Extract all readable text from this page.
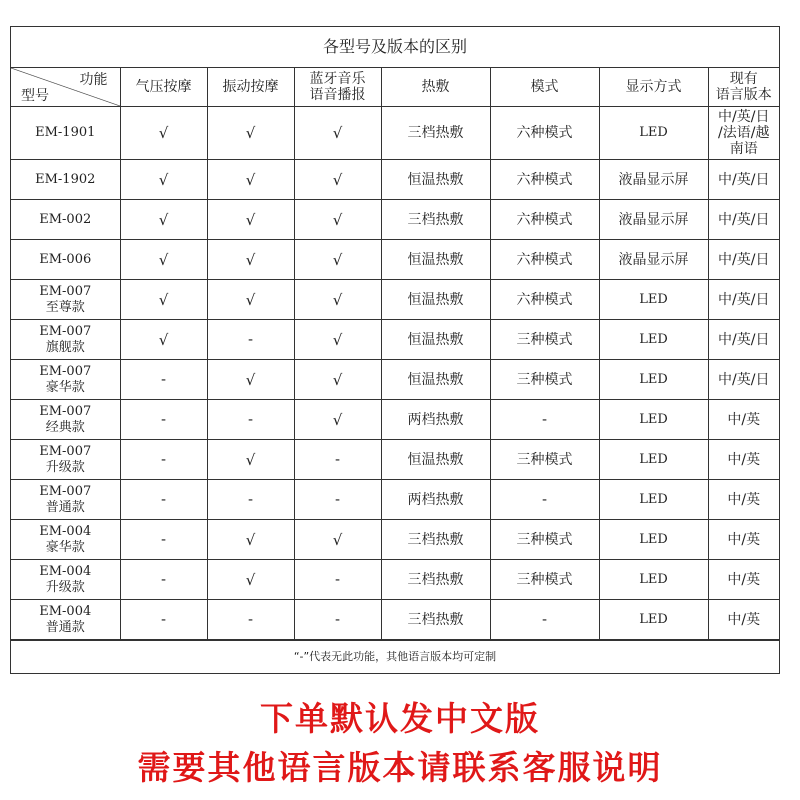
各型号及版本的区别
功能
型号	气压按摩	振动按摩	蓝牙音乐
语音播报	热敷	模式	显示方式	现有
语言版本
EM-1901	√	√	√	三档热敷	六种模式	LED	中/英/日
/法语/越
南语
EM-1902	√	√	√	恒温热敷	六种模式	液晶显示屏	中/英/日
EM-002	√	√	√	三档热敷	六种模式	液晶显示屏	中/英/日
EM-006	√	√	√	恒温热敷	六种模式	液晶显示屏	中/英/日
EM-007
至尊款	√	√	√	恒温热敷	六种模式	LED	中/英/日
EM-007
旗舰款	√	-	√	恒温热敷	三种模式	LED	中/英/日
EM-007
豪华款	-	√	√	恒温热敷	三种模式	LED	中/英/日
EM-007
经典款	-	-	√	两档热敷	-	LED	中/英
EM-007
升级款	-	√	-	恒温热敷	三种模式	LED	中/英
EM-007
普通款	-	-	-	两档热敷	-	LED	中/英
EM-004
豪华款	-	√	√	三档热敷	三种模式	LED	中/英
EM-004
升级款	-	√	-	三档热敷	三种模式	LED	中/英
EM-004
普通款	-	-	-	三档热敷	-	LED	中/英
“-”代表无此功能，其他语言版本均可定制
下单默认发中文版
需要其他语言版本请联系客服说明
